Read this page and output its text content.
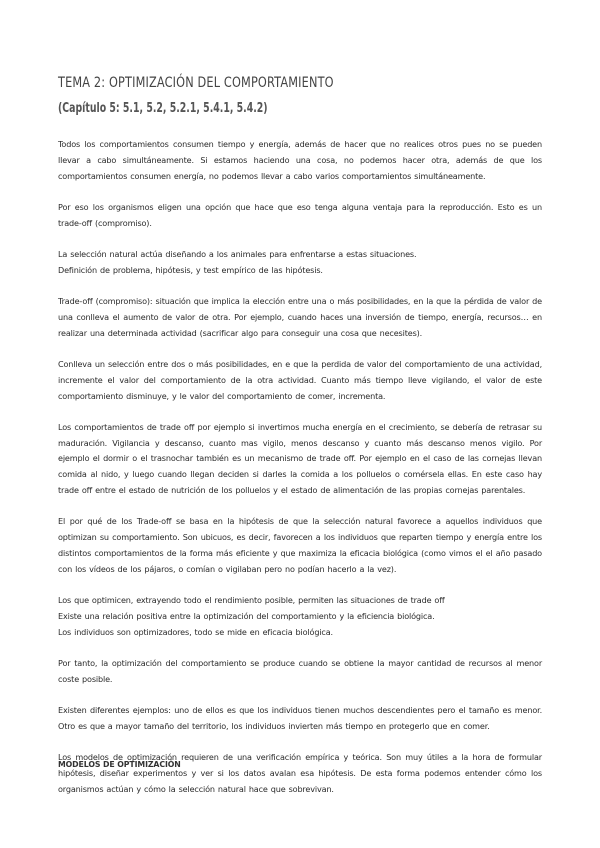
TEMA 2: OPTIMIZACIÓN DEL COMPORTAMIENTO
(Capítulo 5: 5.1, 5.2, 5.2.1, 5.4.1, 5.4.2)

Todos los comportamientos consumen tiempo y energía, además de hacer que no realices otros pues no se pueden llevar a cabo simultáneamente. Si estamos haciendo una cosa, no podemos hacer otra, además de que los comportamientos consumen energía, no podemos llevar a cabo varios comportamientos simultáneamente.

Por eso los organismos eligen una opción que hace que eso tenga alguna ventaja para la reproducción. Esto es un trade-off (compromiso).

La selección natural actúa diseñando a los animales para enfrentarse a estas situaciones.
Definición de problema, hipótesis, y test empírico de las hipótesis.

Trade-off (compromiso): situación que implica la elección entre una o más posibilidades, en la que la pérdida de valor de una conlleva el aumento de valor de otra. Por ejemplo, cuando haces una inversión de tiempo, energía, recursos… en realizar una determinada actividad (sacrificar algo para conseguir una cosa que necesites).

Conlleva un selección entre dos o más posibilidades, en e que la perdida de valor del comportamiento de una actividad, incremente el valor del comportamiento de la otra actividad. Cuanto más tiempo lleve vigilando, el valor de este comportamiento disminuye, y le valor del comportamiento de comer, incrementa.

Los comportamientos de trade off por ejemplo si invertimos mucha energía en el crecimiento, se debería de retrasar su maduración. Vigilancia y descanso, cuanto mas vigilo, menos descanso y cuanto más descanso menos vigilo. Por ejemplo el dormir o el trasnochar también es un mecanismo de trade off. Por ejemplo en el caso de las cornejas llevan comida al nido, y luego cuando llegan deciden si darles la comida a los polluelos o comérsela ellas. En este caso hay trade off entre el estado de nutrición de los polluelos y el estado de alimentación de las propias cornejas parentales.

El por qué de los Trade-off se basa en la hipótesis de que la selección natural favorece a aquellos individuos que optimizan su comportamiento. Son ubicuos, es decir, favorecen a los individuos que reparten tiempo y energía entre los distintos comportamientos de la forma más eficiente y que maximiza la eficacia biológica (como vimos el el año pasado con los vídeos de los pájaros, o comían o vigilaban pero no podían hacerlo a la vez).

Los que optimicen, extrayendo todo el rendimiento posible, permiten las situaciones de trade off
Existe una relación positiva entre la optimización del comportamiento y la eficiencia biológica.
Los individuos son optimizadores, todo se mide en eficacia biológica.

Por tanto, la optimización del comportamiento se produce cuando se obtiene la mayor cantidad de recursos al menor coste posible.

Existen diferentes ejemplos: uno de ellos es que los individuos tienen muchos descendientes pero el tamaño es menor. Otro es que a mayor tamaño del territorio, los individuos invierten más tiempo en protegerlo que en comer.

Los modelos de optimización requieren de una verificación empírica y teórica. Son muy útiles a la hora de formular hipótesis, diseñar experimentos y ver si los datos avalan esa hipótesis. De esta forma podemos entender cómo los organismos actúan y cómo la selección natural hace que sobrevivan.

MODELOS DE OPTIMIZACIÓN
